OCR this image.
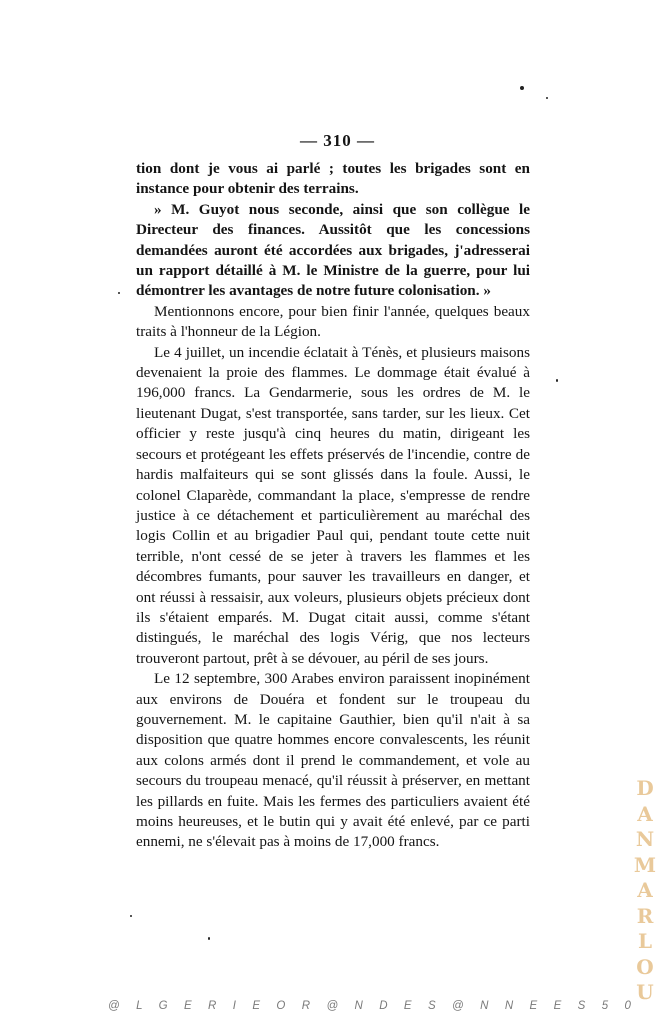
— 310 —

tion dont je vous ai parlé ; toutes les brigades sont en instance pour obtenir des terrains.

» M. Guyot nous seconde, ainsi que son collègue le Directeur des finances. Aussitôt que les concessions demandées auront été accordées aux brigades, j'adresserai un rapport détaillé à M. le Ministre de la guerre, pour lui démontrer les avantages de notre future colonisation. »

Mentionnons encore, pour bien finir l'année, quelques beaux traits à l'honneur de la Légion.

Le 4 juillet, un incendie éclatait à Ténès, et plusieurs maisons devenaient la proie des flammes. Le dommage était évalué à 196,000 francs. La Gendarmerie, sous les ordres de M. le lieutenant Dugat, s'est transportée, sans tarder, sur les lieux. Cet officier y reste jusqu'à cinq heures du matin, dirigeant les secours et protégeant les effets préservés de l'incendie, contre de hardis malfaiteurs qui se sont glissés dans la foule. Aussi, le colonel Claparède, commandant la place, s'empresse de rendre justice à ce détachement et particulièrement au maréchal des logis Collin et au brigadier Paul qui, pendant toute cette nuit terrible, n'ont cessé de se jeter à travers les flammes et les décombres fumants, pour sauver les travailleurs en danger, et ont réussi à ressaisir, aux voleurs, plusieurs objets précieux dont ils s'étaient emparés. M. Dugat citait aussi, comme s'étant distingués, le maréchal des logis Vérig, que nos lecteurs trouveront partout, prêt à se dévouer, au péril de ses jours.

Le 12 septembre, 300 Arabes environ paraissent inopinément aux environs de Douéra et fondent sur le troupeau du gouvernement. M. le capitaine Gauthier, bien qu'il n'ait à sa disposition que quatre hommes encore convalescents, les réunit aux colons armés dont il prend le commandement, et vole au secours du troupeau menacé, qu'il réussit à préserver, en mettant les pillards en fuite. Mais les fermes des particuliers avaient été moins heureuses, et le butin qui y avait été enlevé, par ce parti ennemi, ne s'élevait pas à moins de 17,000 francs.

D
A
N
M
A
R
L
O
U
@ L G E R I E O R @ N D E S @ N N E E S 5 0
